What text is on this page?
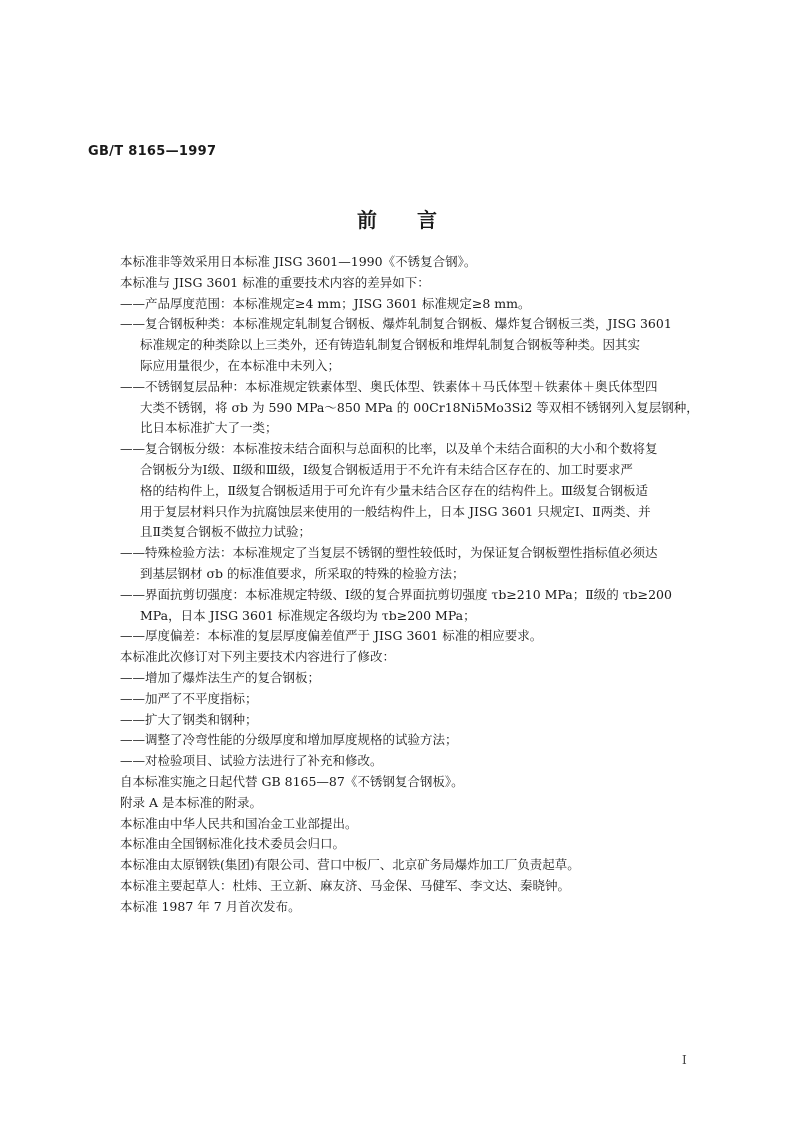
GB/T 8165—1997
前　　言
本标准非等效采用日本标准 JISG 3601—1990《不锈复合钢》。
本标准与 JISG 3601 标准的重要技术内容的差异如下：
——产品厚度范围：本标准规定≥4 mm；JISG 3601 标准规定≥8 mm。
——复合钢板种类：本标准规定轧制复合钢板、爆炸轧制复合钢板、爆炸复合钢板三类，JISG 3601
标准规定的种类除以上三类外，还有铸造轧制复合钢板和堆焊轧制复合钢板等种类。因其实
际应用量很少，在本标准中未列入；
——不锈钢复层品种：本标准规定铁素体型、奥氏体型、铁素体＋马氏体型＋铁素体＋奥氏体型四
大类不锈钢，将 σb 为 590 MPa～850 MPa 的 00Cr18Ni5Mo3Si2 等双相不锈钢列入复层钢种，
比日本标准扩大了一类；
——复合钢板分级：本标准按未结合面积与总面积的比率，以及单个未结合面积的大小和个数将复
合钢板分为Ⅰ级、Ⅱ级和Ⅲ级，Ⅰ级复合钢板适用于不允许有未结合区存在的、加工时要求严
格的结构件上，Ⅱ级复合钢板适用于可允许有少量未结合区存在的结构件上。Ⅲ级复合钢板适
用于复层材料只作为抗腐蚀层来使用的一般结构件上，日本 JISG 3601 只规定Ⅰ、Ⅱ两类、并
且Ⅱ类复合钢板不做拉力试验；
——特殊检验方法：本标准规定了当复层不锈钢的塑性较低时，为保证复合钢板塑性指标值必须达
到基层钢材 σb 的标准值要求，所采取的特殊的检验方法；
——界面抗剪切强度：本标准规定特级、Ⅰ级的复合界面抗剪切强度 τb≥210 MPa；Ⅱ级的 τb≥200
MPa，日本 JISG 3601 标准规定各级均为 τb≥200 MPa；
——厚度偏差：本标准的复层厚度偏差值严于 JISG 3601 标准的相应要求。
本标准此次修订对下列主要技术内容进行了修改：
——增加了爆炸法生产的复合钢板；
——加严了不平度指标；
——扩大了钢类和钢种；
——调整了冷弯性能的分级厚度和增加厚度规格的试验方法；
——对检验项目、试验方法进行了补充和修改。
自本标准实施之日起代替 GB 8165—87《不锈钢复合钢板》。
附录 A 是本标准的附录。
本标准由中华人民共和国冶金工业部提出。
本标准由全国钢标准化技术委员会归口。
本标准由太原钢铁(集团)有限公司、营口中板厂、北京矿务局爆炸加工厂负责起草。
本标准主要起草人：杜炜、王立新、麻友济、马金保、马健军、李文达、秦晓钟。
本标准 1987 年 7 月首次发布。
I
